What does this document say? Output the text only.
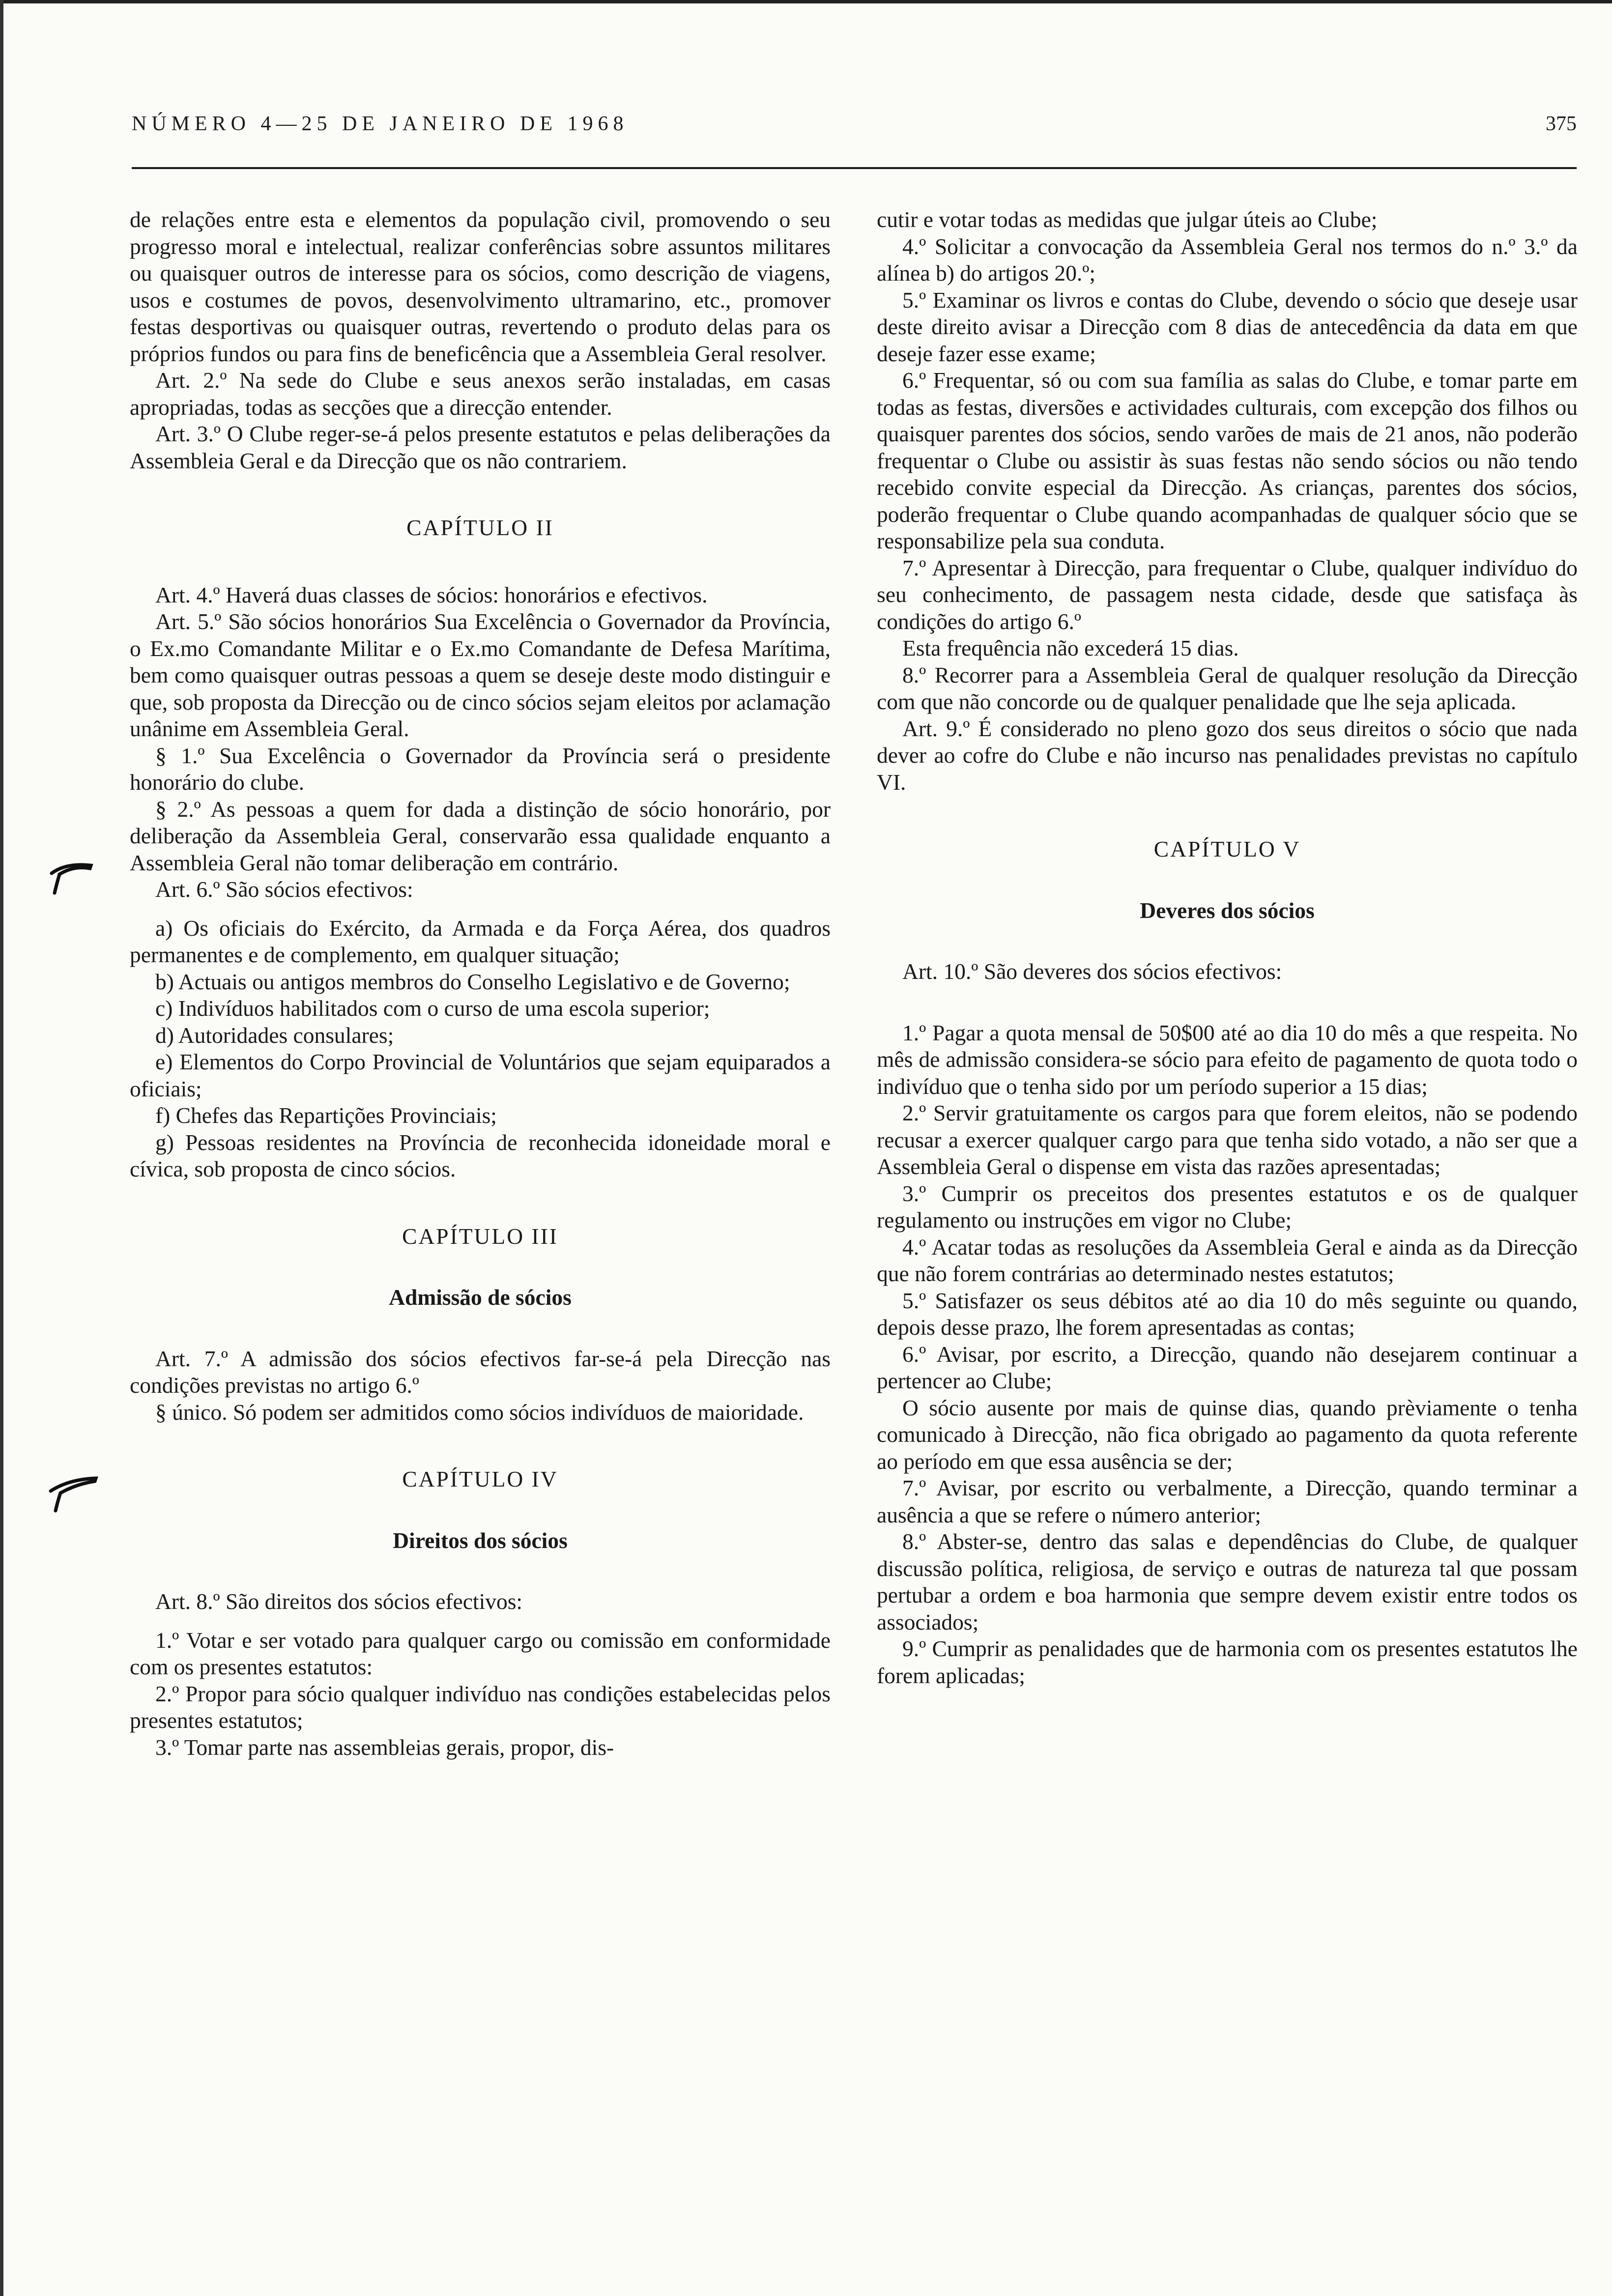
NÚMERO 4—25 DE JANEIRO DE 1968	375

de relações entre esta e elementos da população civil, promovendo o seu progresso moral e intelectual, realizar conferências sobre assuntos militares ou quaisquer outros de interesse para os sócios, como descrição de viagens, usos e costumes de povos, desenvolvimento ultramarino, etc., promover festas desportivas ou quaisquer outras, revertendo o produto delas para os próprios fundos ou para fins de beneficência que a Assembleia Geral resolver.

Art. 2.º Na sede do Clube e seus anexos serão instaladas, em casas apropriadas, todas as secções que a direcção entender.

Art. 3.º O Clube reger-se-á pelos presente estatutos e pelas deliberações da Assembleia Geral e da Direcção que os não contrariem.

CAPÍTULO II

Art. 4.º Haverá duas classes de sócios: honorários e efectivos.

Art. 5.º São sócios honorários Sua Excelência o Governador da Província, o Ex.mo Comandante Militar e o Ex.mo Comandante de Defesa Marítima, bem como quaisquer outras pessoas a quem se deseje deste modo distinguir e que, sob proposta da Direcção ou de cinco sócios sejam eleitos por aclamação unânime em Assembleia Geral.

§ 1.º Sua Excelência o Governador da Província será o presidente honorário do clube.

§ 2.º As pessoas a quem for dada a distinção de sócio honorário, por deliberação da Assembleia Geral, conservarão essa qualidade enquanto a Assembleia Geral não tomar deliberação em contrário.

Art. 6.º São sócios efectivos:

a) Os oficiais do Exército, da Armada e da Força Aérea, dos quadros permanentes e de complemento, em qualquer situação;

b) Actuais ou antigos membros do Conselho Legislativo e de Governo;

c) Indivíduos habilitados com o curso de uma escola superior;

d) Autoridades consulares;

e) Elementos do Corpo Provincial de Voluntários que sejam equiparados a oficiais;

f) Chefes das Repartições Provinciais;

g) Pessoas residentes na Província de reconhecida idoneidade moral e cívica, sob proposta de cinco sócios.

CAPÍTULO III

Admissão de sócios

Art. 7.º A admissão dos sócios efectivos far-se-á pela Direcção nas condições previstas no artigo 6.º

§ único. Só podem ser admitidos como sócios indivíduos de maioridade.

CAPÍTULO IV

Direitos dos sócios

Art. 8.º São direitos dos sócios efectivos:

1.º Votar e ser votado para qualquer cargo ou comissão em conformidade com os presentes estatutos:

2.º Propor para sócio qualquer indivíduo nas condições estabelecidas pelos presentes estatutos;

3.º Tomar parte nas assembleias gerais, propor, dis-

cutir e votar todas as medidas que julgar úteis ao Clube;

4.º Solicitar a convocação da Assembleia Geral nos termos do n.º 3.º da alínea b) do artigos 20.º;

5.º Examinar os livros e contas do Clube, devendo o sócio que deseje usar deste direito avisar a Direcção com 8 dias de antecedência da data em que deseje fazer esse exame;

6.º Frequentar, só ou com sua família as salas do Clube, e tomar parte em todas as festas, diversões e actividades culturais, com excepção dos filhos ou quaisquer parentes dos sócios, sendo varões de mais de 21 anos, não poderão frequentar o Clube ou assistir às suas festas não sendo sócios ou não tendo recebido convite especial da Direcção. As crianças, parentes dos sócios, poderão frequentar o Clube quando acompanhadas de qualquer sócio que se responsabilize pela sua conduta.

7.º Apresentar à Direcção, para frequentar o Clube, qualquer indivíduo do seu conhecimento, de passagem nesta cidade, desde que satisfaça às condições do artigo 6.º

Esta frequência não excederá 15 dias.

8.º Recorrer para a Assembleia Geral de qualquer resolução da Direcção com que não concorde ou de qualquer penalidade que lhe seja aplicada.

Art. 9.º É considerado no pleno gozo dos seus direitos o sócio que nada dever ao cofre do Clube e não incurso nas penalidades previstas no capítulo VI.

CAPÍTULO V

Deveres dos sócios

Art. 10.º São deveres dos sócios efectivos:

1.º Pagar a quota mensal de 50$00 até ao dia 10 do mês a que respeita. No mês de admissão considera-se sócio para efeito de pagamento de quota todo o indivíduo que o tenha sido por um período superior a 15 dias;

2.º Servir gratuitamente os cargos para que forem eleitos, não se podendo recusar a exercer qualquer cargo para que tenha sido votado, a não ser que a Assembleia Geral o dispense em vista das razões apresentadas;

3.º Cumprir os preceitos dos presentes estatutos e os de qualquer regulamento ou instruções em vigor no Clube;

4.º Acatar todas as resoluções da Assembleia Geral e ainda as da Direcção que não forem contrárias ao determinado nestes estatutos;

5.º Satisfazer os seus débitos até ao dia 10 do mês seguinte ou quando, depois desse prazo, lhe forem apresentadas as contas;

6.º Avisar, por escrito, a Direcção, quando não desejarem continuar a pertencer ao Clube;

O sócio ausente por mais de quinse dias, quando prèviamente o tenha comunicado à Direcção, não fica obrigado ao pagamento da quota referente ao período em que essa ausência se der;

7.º Avisar, por escrito ou verbalmente, a Direcção, quando terminar a ausência a que se refere o número anterior;

8.º Abster-se, dentro das salas e dependências do Clube, de qualquer discussão política, religiosa, de serviço e outras de natureza tal que possam pertubar a ordem e boa harmonia que sempre devem existir entre todos os associados;

9.º Cumprir as penalidades que de harmonia com os presentes estatutos lhe forem aplicadas;
